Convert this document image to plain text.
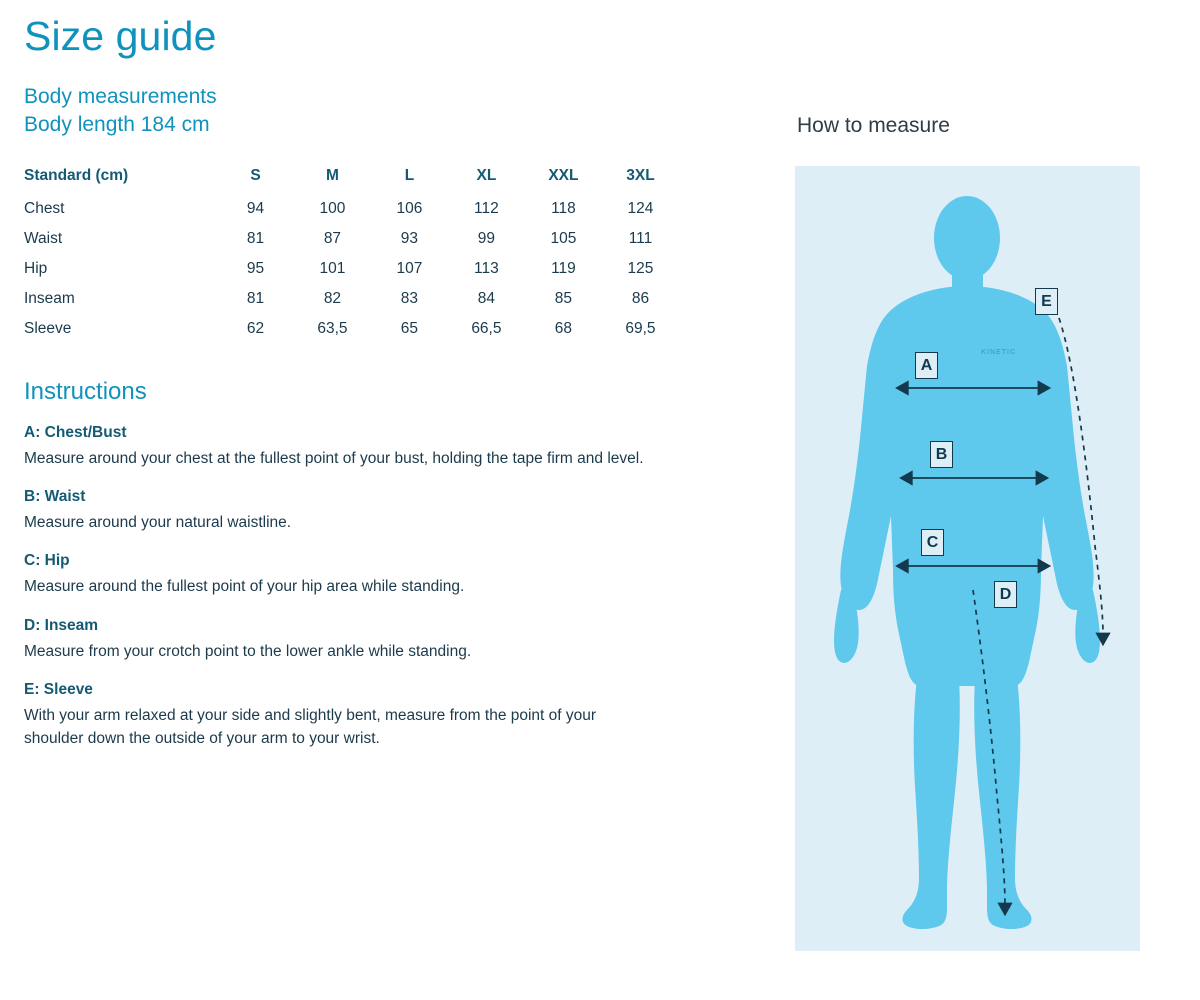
Size guide

Body measurements

Body length 184 cm

Standard (cm)	S	M	L	XL	XXL	3XL
Chest	94	100	106	112	118	124
Waist	81	87	93	99	105	111
Hip	95	101	107	113	119	125
Inseam	81	82	83	84	85	86
Sleeve	62	63,5	65	66,5	68	69,5
Instructions

A: Chest/Bust

Measure around your chest at the fullest point of your bust, holding the tape firm and level.

B: Waist

Measure around your natural waistline.

C: Hip

Measure around the fullest point of your hip area while standing.

D: Inseam

Measure from your crotch point to the lower ankle while standing.

E: Sleeve

With your arm relaxed at your side and slightly bent, measure from the point of your shoulder down the outside of your arm to your wrist.

How to measure

KINETIC
A
B
C
D
E
